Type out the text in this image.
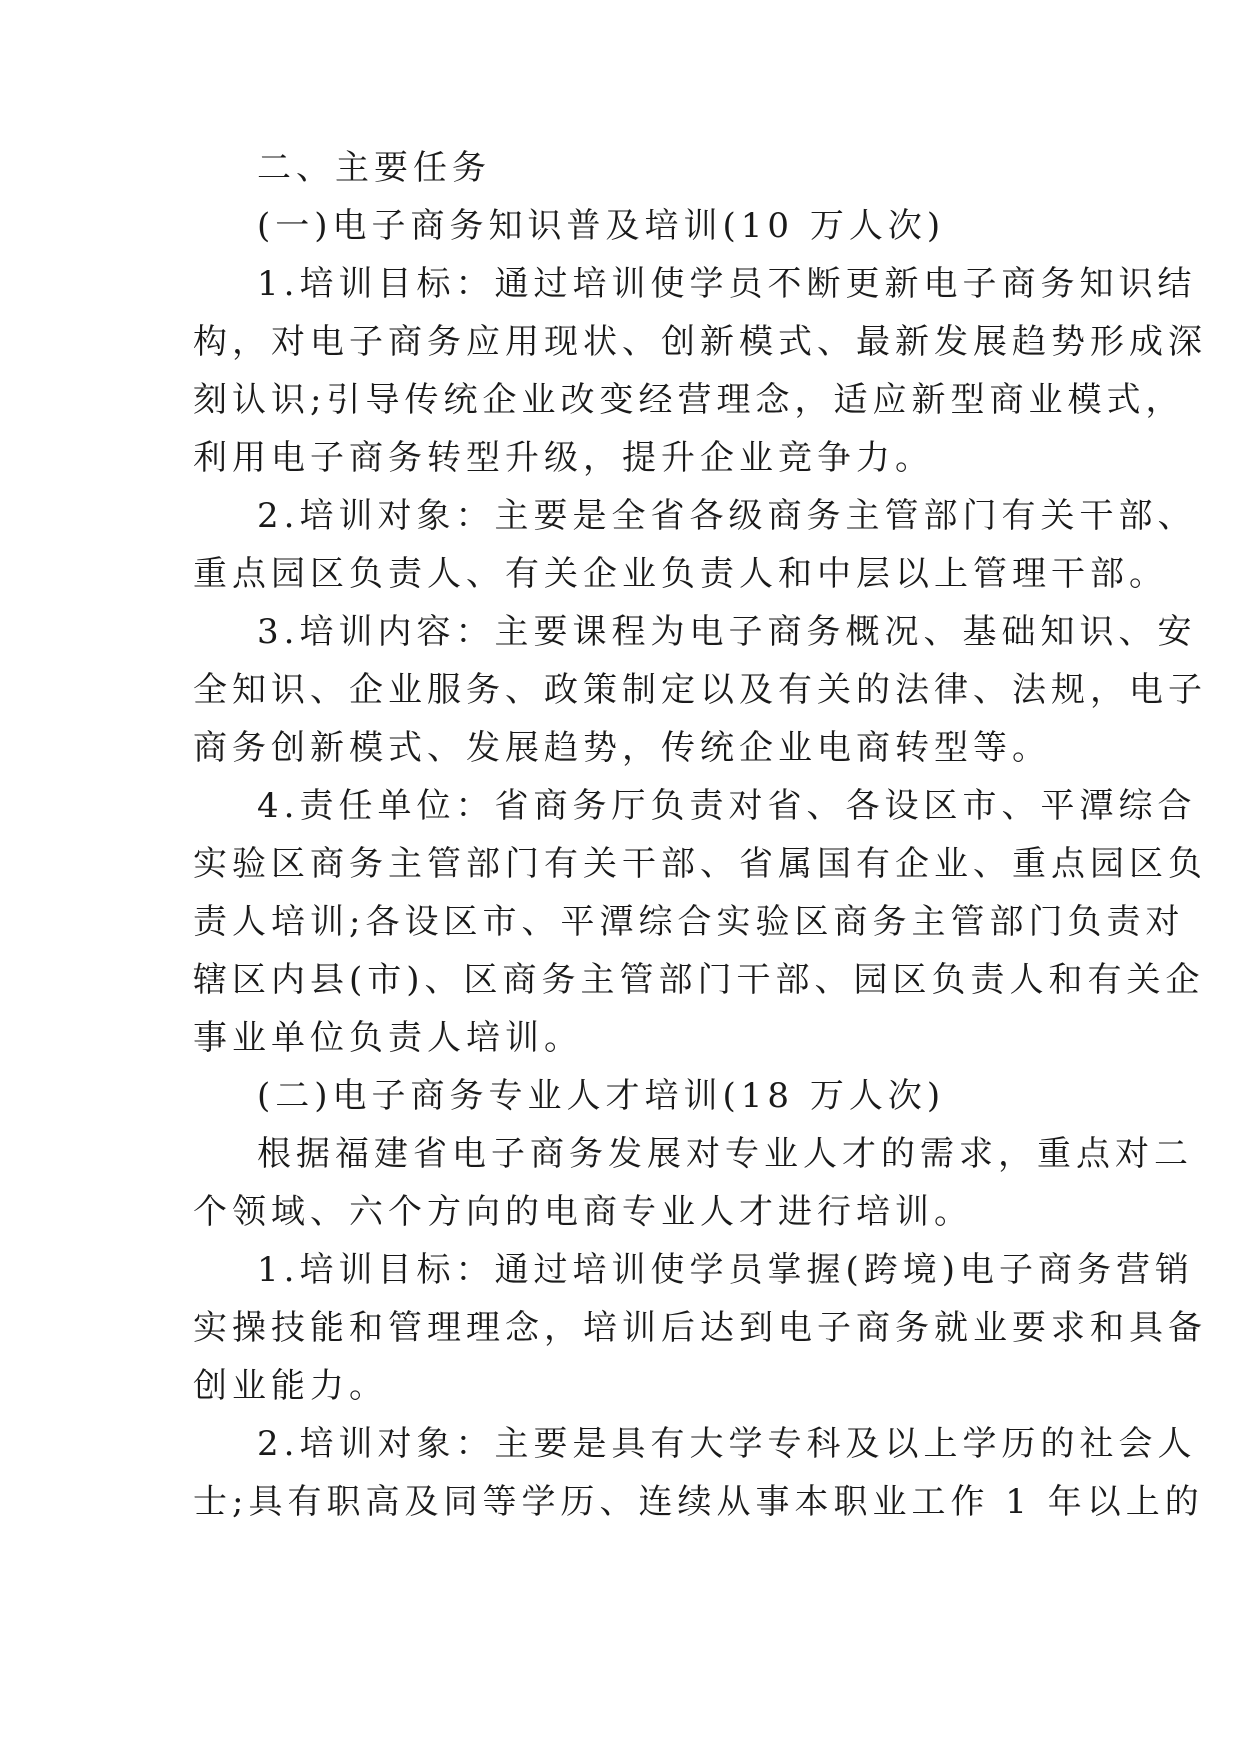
二、主要任务
(一)电子商务知识普及培训(10 万人次)
1.培训目标：通过培训使学员不断更新电子商务知识结
构，对电子商务应用现状、创新模式、最新发展趋势形成深
刻认识;引导传统企业改变经营理念，适应新型商业模式，
利用电子商务转型升级，提升企业竞争力。
2.培训对象：主要是全省各级商务主管部门有关干部、
重点园区负责人、有关企业负责人和中层以上管理干部。
3.培训内容：主要课程为电子商务概况、基础知识、安
全知识、企业服务、政策制定以及有关的法律、法规，电子
商务创新模式、发展趋势，传统企业电商转型等。
4.责任单位：省商务厅负责对省、各设区市、平潭综合
实验区商务主管部门有关干部、省属国有企业、重点园区负
责人培训;各设区市、平潭综合实验区商务主管部门负责对
辖区内县(市)、区商务主管部门干部、园区负责人和有关企
事业单位负责人培训。
(二)电子商务专业人才培训(18 万人次)
根据福建省电子商务发展对专业人才的需求，重点对二
个领域、六个方向的电商专业人才进行培训。
1.培训目标：通过培训使学员掌握(跨境)电子商务营销
实操技能和管理理念，培训后达到电子商务就业要求和具备
创业能力。
2.培训对象：主要是具有大学专科及以上学历的社会人
士;具有职高及同等学历、连续从事本职业工作 1 年以上的
